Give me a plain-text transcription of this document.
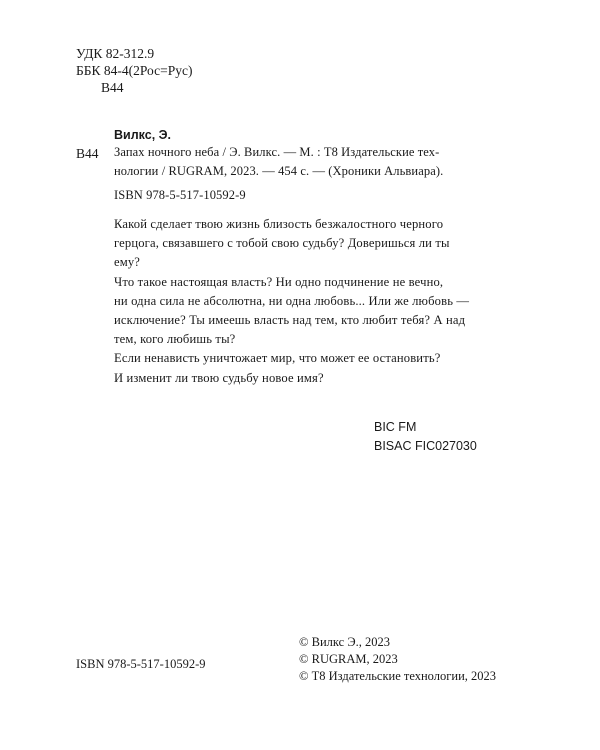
УДК 82-312.9
ББК 84-4(2Рос=Рус)
В44
Вилкс, Э.
В44 Запах ночного неба / Э. Вилкс. — М. : Т8 Издательские тех-
нологии / RUGRAM, 2023. — 454 с. — (Хроники Альвиара).
ISBN 978-5-517-10592-9

Какой сделает твою жизнь близость безжалостного черного
герцога, связавшего с тобой свою судьбу? Доверишься ли ты
ему?

Что такое настоящая власть? Ни одно подчинение не вечно,
ни одна сила не абсолютна, ни одна любовь... Или же любовь —
исключение? Ты имеешь власть над тем, кто любит тебя? А над
тем, кого любишь ты?

Если ненависть уничтожает мир, что может ее остановить?

И изменит ли твою судьбу новое имя?

BIC FM
BISAC FIC027030
ISBN 978-5-517-10592-9
© Вилкс Э., 2023
© RUGRAM, 2023
© Т8 Издательские технологии, 2023
